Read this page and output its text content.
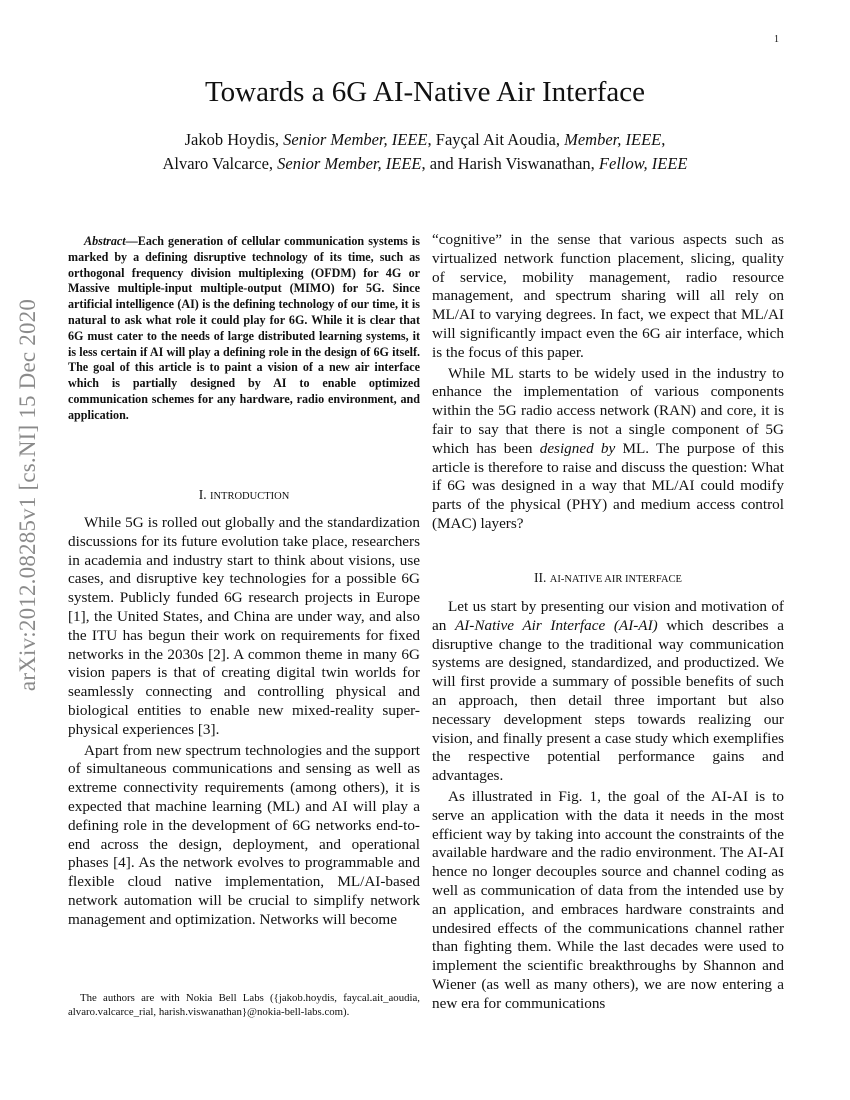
1
arXiv:2012.08285v1 [cs.NI] 15 Dec 2020
Towards a 6G AI-Native Air Interface
Jakob Hoydis, Senior Member, IEEE, Fayçal Ait Aoudia, Member, IEEE,
Alvaro Valcarce, Senior Member, IEEE, and Harish Viswanathan, Fellow, IEEE

Abstract—Each generation of cellular communication systems is marked by a defining disruptive technology of its time, such as orthogonal frequency division multiplexing (OFDM) for 4G or Massive multiple-input multiple-output (MIMO) for 5G. Since artificial intelligence (AI) is the defining technology of our time, it is natural to ask what role it could play for 6G. While it is clear that 6G must cater to the needs of large distributed learning systems, it is less certain if AI will play a defining role in the design of 6G itself. The goal of this article is to paint a vision of a new air interface which is partially designed by AI to enable optimized communication schemes for any hardware, radio environment, and application.

I. INTRODUCTION

While 5G is rolled out globally and the standardization discussions for its future evolution take place, researchers in academia and industry start to think about visions, use cases, and disruptive key technologies for a possible 6G system. Publicly funded 6G research projects in Europe [1], the United States, and China are under way, and also the ITU has begun their work on requirements for fixed networks in the 2030s [2]. A common theme in many 6G vision papers is that of creating digital twin worlds for seamlessly connecting and controlling physical and biological entities to enable new mixed-reality super-physical experiences [3].

Apart from new spectrum technologies and the support of simultaneous communications and sensing as well as extreme connectivity requirements (among others), it is expected that machine learning (ML) and AI will play a defining role in the development of 6G networks end-to-end across the design, deployment, and operational phases [4]. As the network evolves to programmable and flexible cloud native implementation, ML/AI-based network automation will be crucial to simplify network management and optimization. Networks will become

The authors are with Nokia Bell Labs ({jakob.hoydis, faycal.ait_aoudia, alvaro.valcarce_rial, harish.viswanathan}@nokia-bell-labs.com).

“cognitive” in the sense that various aspects such as virtualized network function placement, slicing, quality of service, mobility management, radio resource management, and spectrum sharing will all rely on ML/AI to varying degrees. In fact, we expect that ML/AI will significantly impact even the 6G air interface, which is the focus of this paper.

While ML starts to be widely used in the industry to enhance the implementation of various components within the 5G radio access network (RAN) and core, it is fair to say that there is not a single component of 5G which has been designed by ML. The purpose of this article is therefore to raise and discuss the question: What if 6G was designed in a way that ML/AI could modify parts of the physical (PHY) and medium access control (MAC) layers?

II. AI-NATIVE AIR INTERFACE

Let us start by presenting our vision and motivation of an AI-Native Air Interface (AI-AI) which describes a disruptive change to the traditional way communication systems are designed, standardized, and productized. We will first provide a summary of possible benefits of such an approach, then detail three important but also necessary development steps towards realizing our vision, and finally present a case study which exemplifies the respective potential performance gains and advantages.

As illustrated in Fig. 1, the goal of the AI-AI is to serve an application with the data it needs in the most efficient way by taking into account the constraints of the available hardware and the radio environment. The AI-AI hence no longer decouples source and channel coding as well as communication of data from the intended use by an application, and embraces hardware constraints and undesired effects of the communications channel rather than fighting them. While the last decades were used to implement the scientific breakthroughs by Shannon and Wiener (as well as many others), we are now entering a new era for communications
